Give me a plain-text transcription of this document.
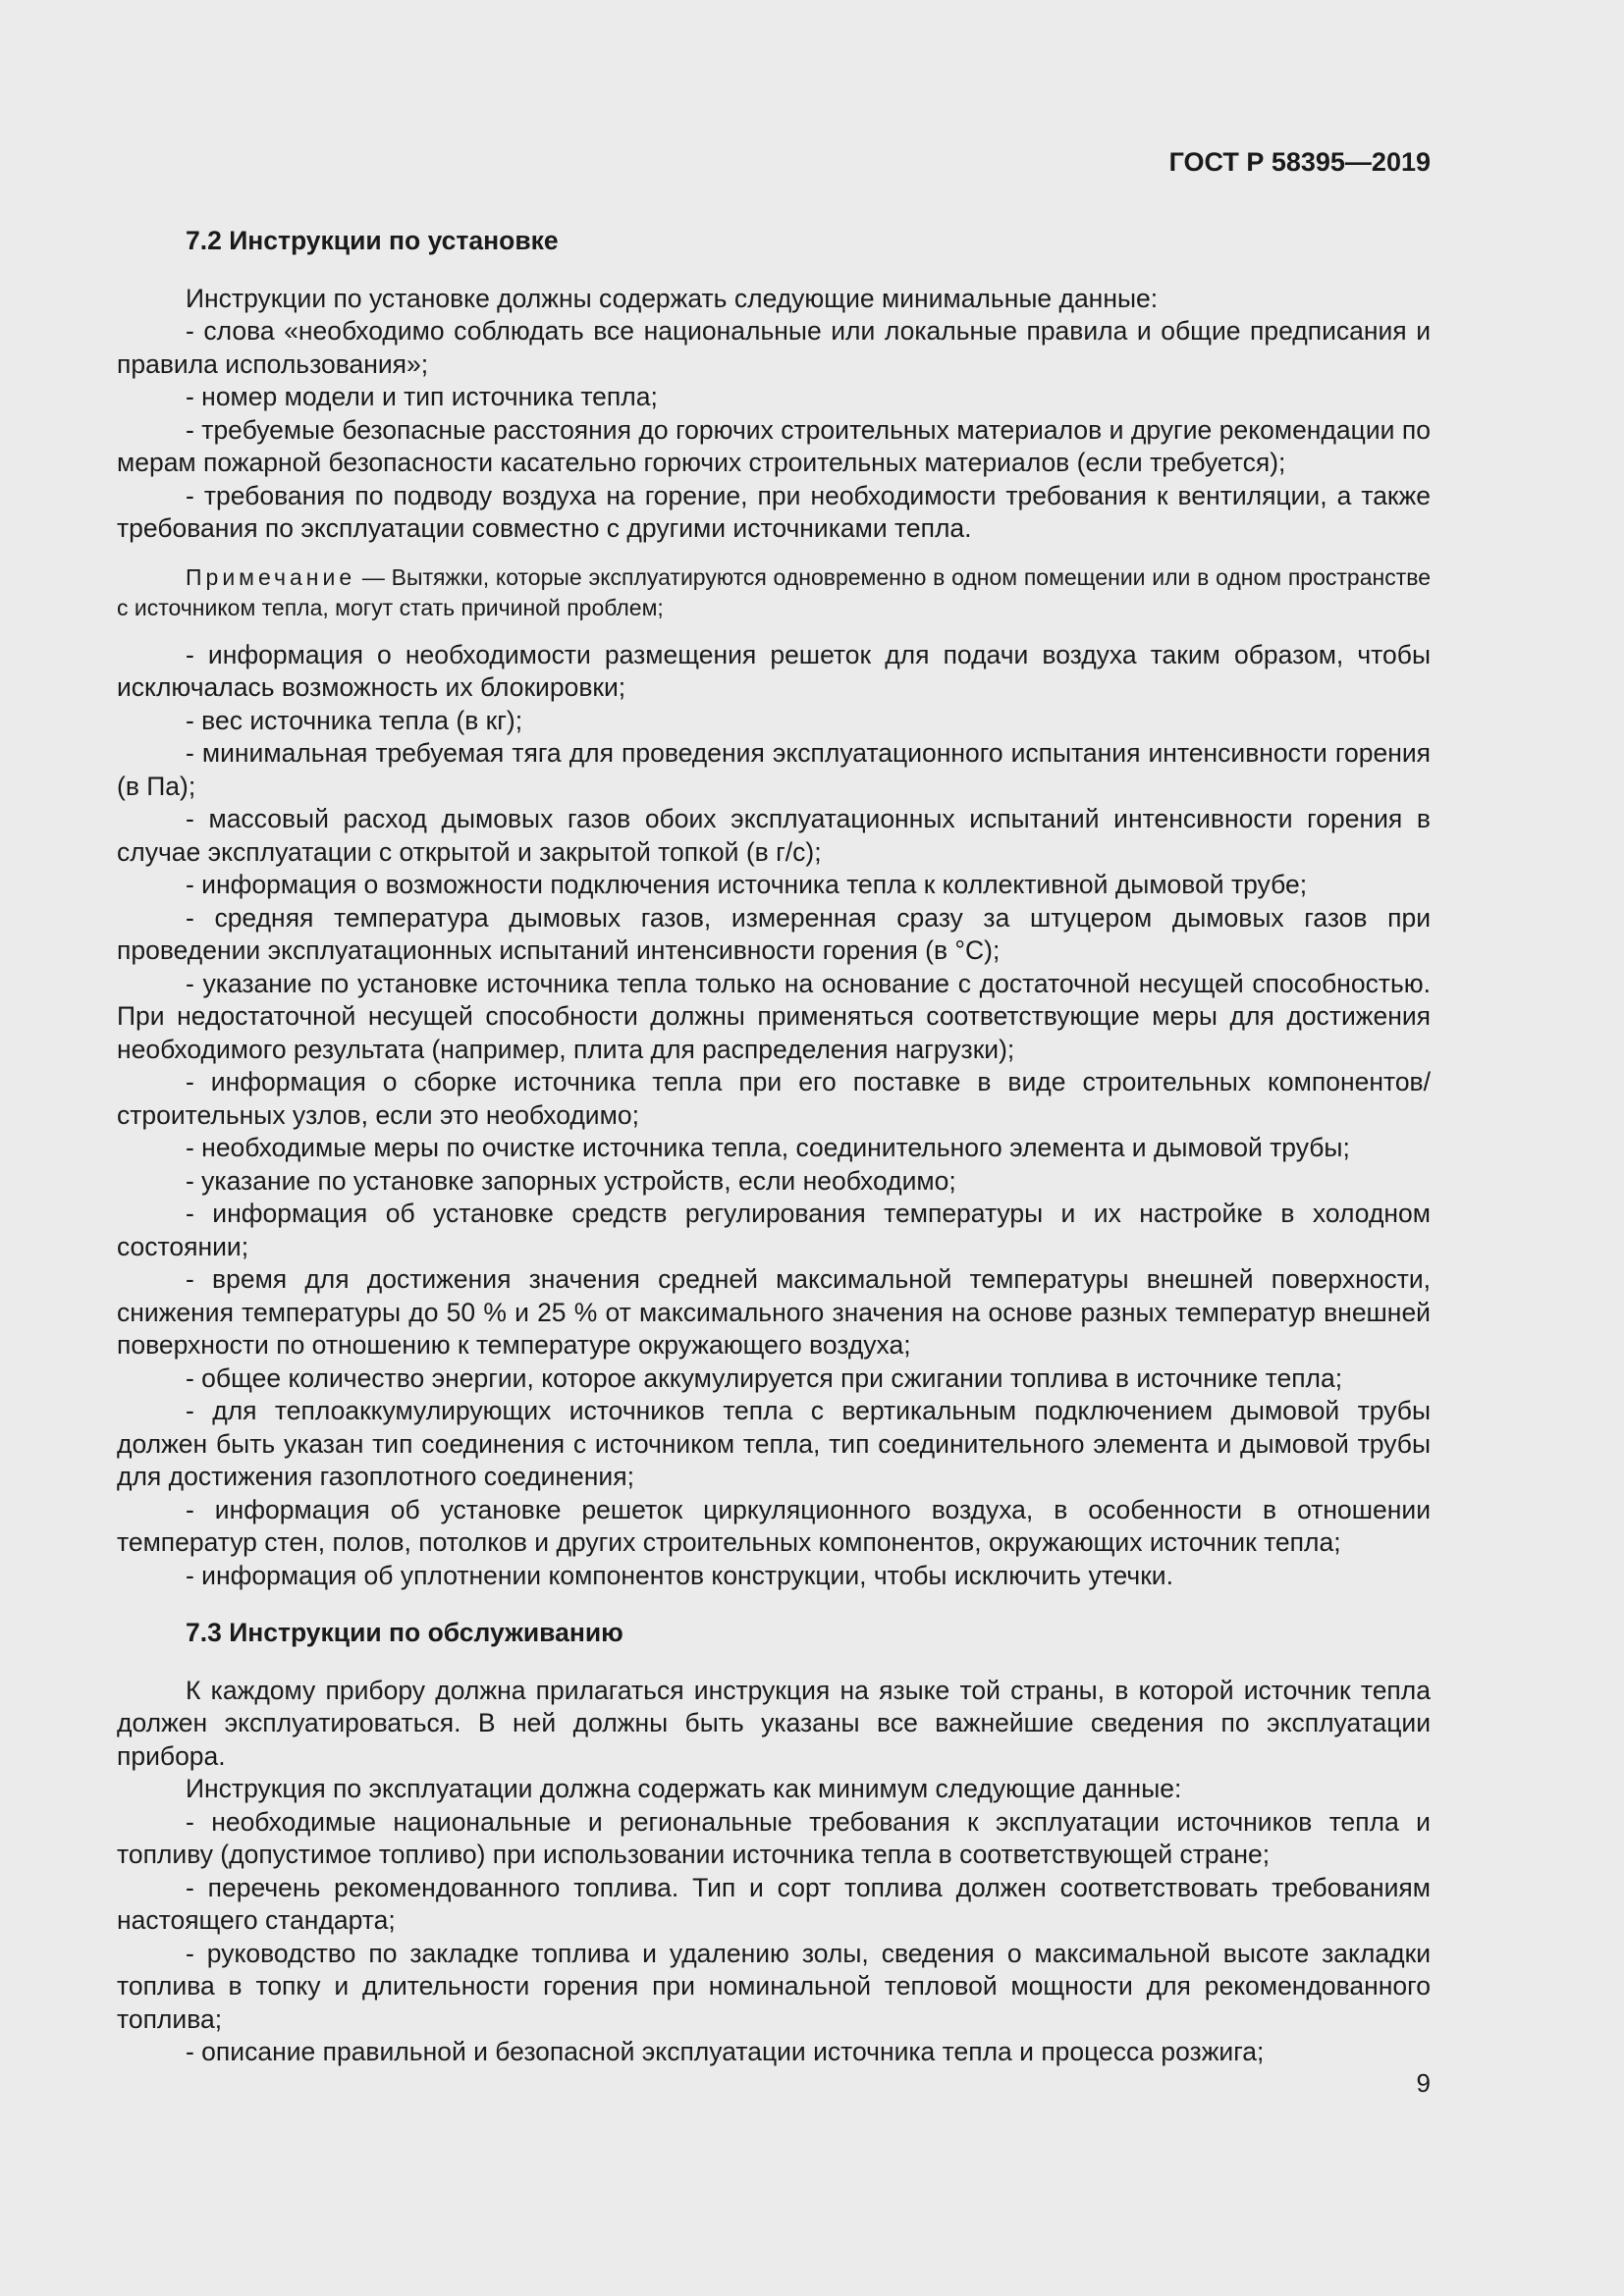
ГОСТ Р 58395—2019

7.2 Инструкции по установке

Инструкции по установке должны содержать следующие минимальные данные:

- слова «необходимо соблюдать все национальные или локальные правила и общие предписания и правила использования»;

- номер модели и тип источника тепла;

- требуемые безопасные расстояния до горючих строительных материалов и другие рекомендации по мерам пожарной безопасности касательно горючих строительных материалов (если требуется);

- требования по подводу воздуха на горение, при необходимости требования к вентиляции, а также требования по эксплуатации совместно с другими источниками тепла.

Примечание — Вытяжки, которые эксплуатируются одновременно в одном помещении или в одном пространстве с источником тепла, могут стать причиной проблем;

- информация о необходимости размещения решеток для подачи воздуха таким образом, чтобы исключалась возможность их блокировки;

- вес источника тепла (в кг);

- минимальная требуемая тяга для проведения эксплуатационного испытания интенсивности горения (в Па);

- массовый расход дымовых газов обоих эксплуатационных испытаний интенсивности горения в случае эксплуатации с открытой и закрытой топкой (в г/с);

- информация о возможности подключения источника тепла к коллективной дымовой трубе;

- средняя температура дымовых газов, измеренная сразу за штуцером дымовых газов при проведении эксплуатационных испытаний интенсивности горения (в °С);

- указание по установке источника тепла только на основание с достаточной несущей способностью. При недостаточной несущей способности должны применяться соответствующие меры для достижения необходимого результата (например, плита для распределения нагрузки);

- информация о сборке источника тепла при его поставке в виде строительных компонентов/строительных узлов, если это необходимо;

- необходимые меры по очистке источника тепла, соединительного элемента и дымовой трубы;

- указание по установке запорных устройств, если необходимо;

- информация об установке средств регулирования температуры и их настройке в холодном состоянии;

- время для достижения значения средней максимальной температуры внешней поверхности, снижения температуры до 50 % и 25 % от максимального значения на основе разных температур внешней поверхности по отношению к температуре окружающего воздуха;

- общее количество энергии, которое аккумулируется при сжигании топлива в источнике тепла;

- для теплоаккумулирующих источников тепла с вертикальным подключением дымовой трубы должен быть указан тип соединения с источником тепла, тип соединительного элемента и дымовой трубы для достижения газоплотного соединения;

- информация об установке решеток циркуляционного воздуха, в особенности в отношении температур стен, полов, потолков и других строительных компонентов, окружающих источник тепла;

- информация об уплотнении компонентов конструкции, чтобы исключить утечки.

7.3 Инструкции по обслуживанию

К каждому прибору должна прилагаться инструкция на языке той страны, в которой источник тепла должен эксплуатироваться. В ней должны быть указаны все важнейшие сведения по эксплуатации прибора.

Инструкция по эксплуатации должна содержать как минимум следующие данные:

- необходимые национальные и региональные требования к эксплуатации источников тепла и топливу (допустимое топливо) при использовании источника тепла в соответствующей стране;

- перечень рекомендованного топлива. Тип и сорт топлива должен соответствовать требованиям настоящего стандарта;

- руководство по закладке топлива и удалению золы, сведения о максимальной высоте закладки топлива в топку и длительности горения при номинальной тепловой мощности для рекомендованного топлива;

- описание правильной и безопасной эксплуатации источника тепла и процесса розжига;

9
